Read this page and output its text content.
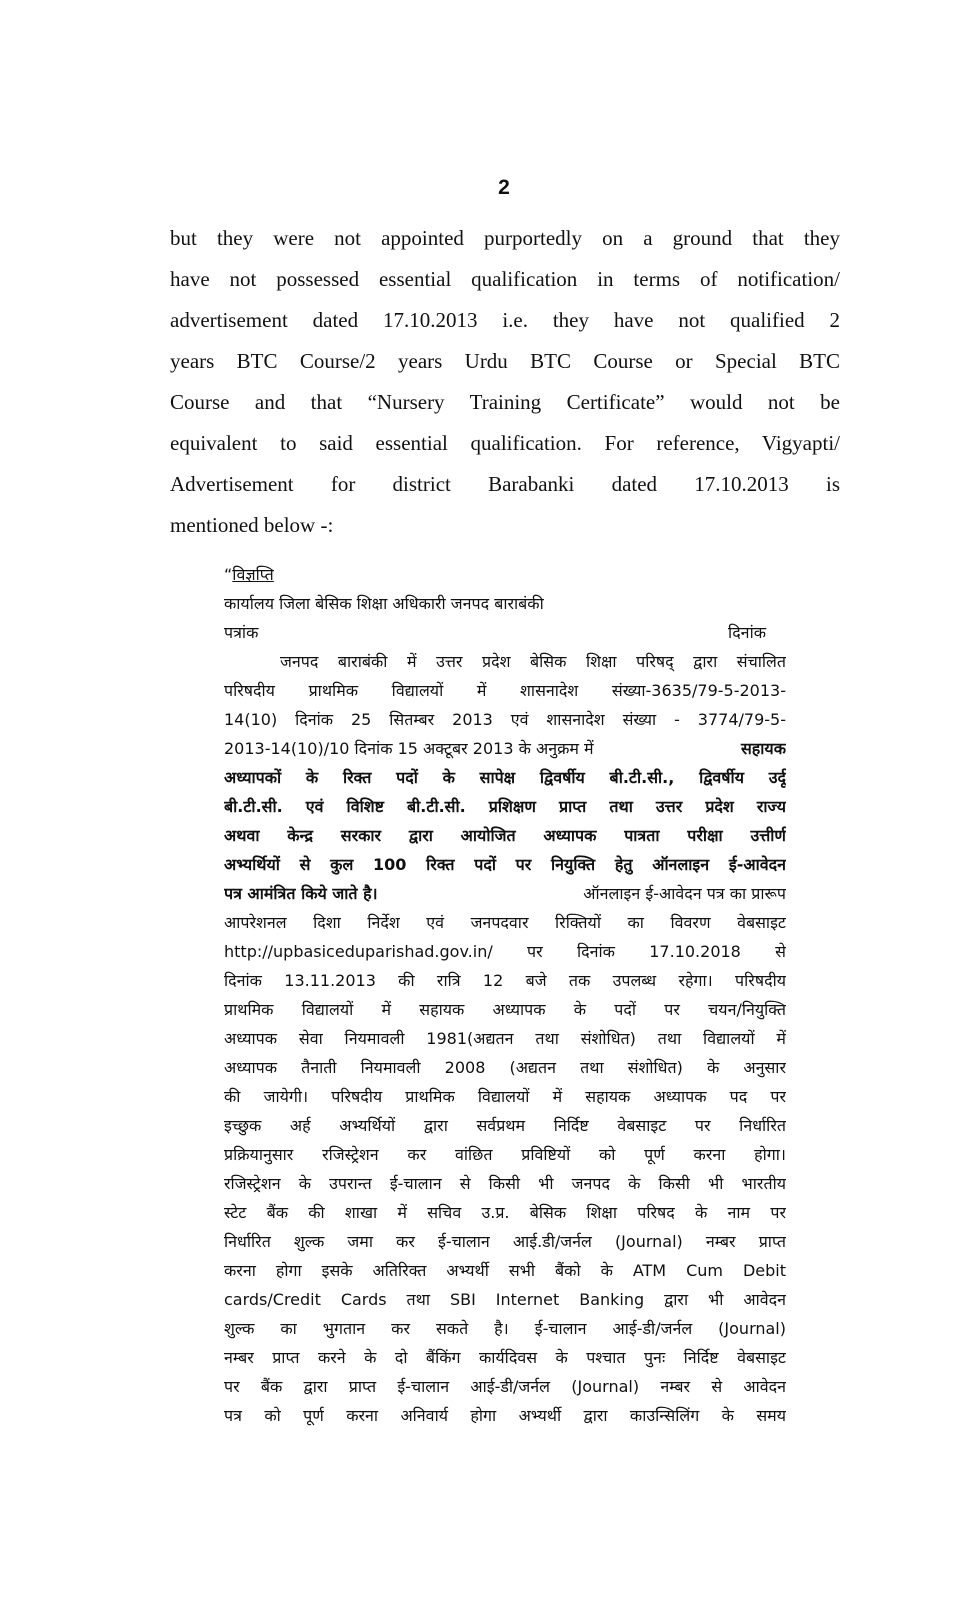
2
but they were not appointed purportedly on a ground that they
have not possessed essential qualification in terms of notification/
advertisement dated 17.10.2013 i.e. they have not qualified 2
years BTC Course/2 years Urdu BTC Course or Special BTC
Course and that “Nursery Training Certificate” would not be
equivalent to said essential qualification. For reference, Vigyapti/
Advertisement for district Barabanki dated 17.10.2013 is
mentioned below -:
“विज्ञप्ति
कार्यालय जिला बेसिक शिक्षा अधिकारी जनपद बाराबंकी
पत्रांक	दिनांक
जनपद बाराबंकी में उत्तर प्रदेश बेसिक शिक्षा परिषद् द्वारा संचालित
परिषदीय प्राथमिक विद्यालयों में शासनादेश संख्या-3635/79-5-2013-
14(10) दिनांक 25 सितम्बर 2013 एवं शासनादेश संख्या - 3774/79-5-
2013-14(10)/10 दिनांक 15 अक्टूबर 2013 के अनुक्रम में	सहायक
अध्यापकों के रिक्त पदों के सापेक्ष द्विवर्षीय बी.टी.सी., द्विवर्षीय उर्दू
बी.टी.सी. एवं विशिष्ट बी.टी.सी. प्रशिक्षण प्राप्त तथा उत्तर प्रदेश राज्य
अथवा केन्द्र सरकार द्वारा आयोजित अध्यापक पात्रता परीक्षा उत्तीर्ण
अभ्यर्थियों से कुल 100 रिक्त पदों पर नियुक्ति हेतु ऑनलाइन ई-आवेदन
पत्र आमंत्रित किये जाते है।	ऑनलाइन ई-आवेदन पत्र का प्रारूप
आपरेशनल दिशा निर्देश एवं जनपदवार रिक्तियों का विवरण वेबसाइट
http://upbasiceduparishad.gov.in/ पर दिनांक 17.10.2018 से
दिनांक 13.11.2013 की रात्रि 12 बजे तक उपलब्ध रहेगा। परिषदीय
प्राथमिक विद्यालयों में सहायक अध्यापक के पदों पर चयन/नियुक्ति
अध्यापक सेवा नियमावली 1981(अद्यतन तथा संशोधित) तथा विद्यालयों में
अध्यापक तैनाती नियमावली 2008 (अद्यतन तथा संशोधित) के अनुसार
की जायेगी। परिषदीय प्राथमिक विद्यालयों में सहायक अध्यापक पद पर
इच्छुक अर्ह अभ्यर्थियों द्वारा सर्वप्रथम निर्दिष्ट वेबसाइट पर निर्धारित
प्रक्रियानुसार रजिस्ट्रेशन कर वांछित प्रविष्टियों को पूर्ण करना होगा।
रजिस्ट्रेशन के उपरान्त ई-चालान से किसी भी जनपद के किसी भी भारतीय
स्टेट बैंक की शाखा में सचिव उ.प्र. बेसिक शिक्षा परिषद के नाम पर
निर्धारित शुल्क जमा कर ई-चालान आई.डी/जर्नल (Journal) नम्बर प्राप्त
करना होगा इसके अतिरिक्त अभ्यर्थी सभी बैंको के ATM Cum Debit
cards/Credit Cards तथा SBI Internet Banking द्वारा भी आवेदन
शुल्क का भुगतान कर सकते है। ई-चालान आई-डी/जर्नल (Journal)
नम्बर प्राप्त करने के दो बैंकिंग कार्यदिवस के पश्चात पुनः निर्दिष्ट वेबसाइट
पर बैंक द्वारा प्राप्त ई-चालान आई-डी/जर्नल (Journal) नम्बर से आवेदन
पत्र को पूर्ण करना अनिवार्य होगा अभ्यर्थी द्वारा काउन्सिलिंग के समय
